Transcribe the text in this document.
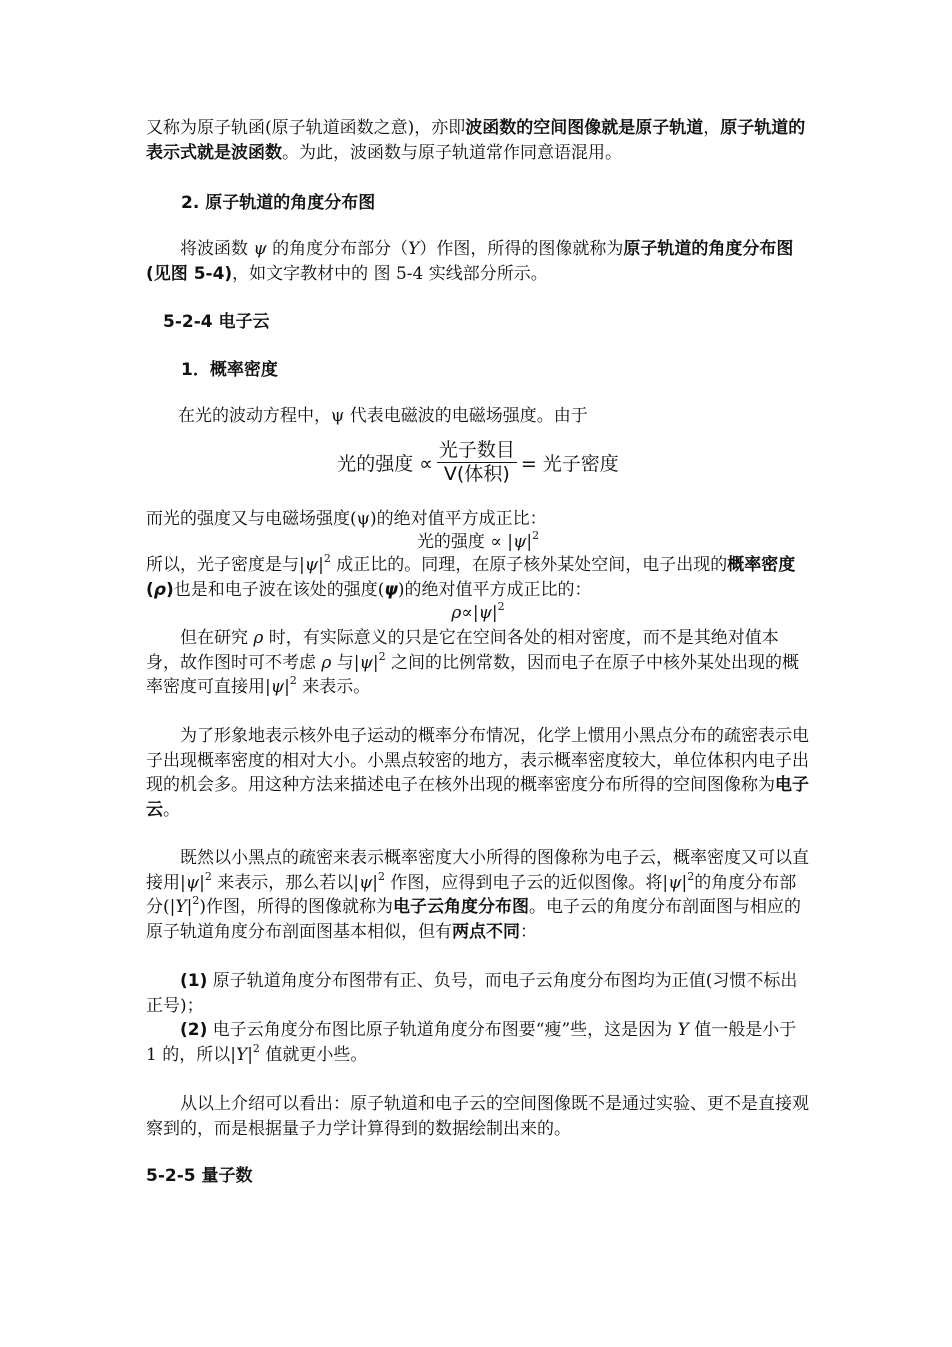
又称为原子轨函(原子轨道函数之意)，亦即波函数的空间图像就是原子轨道，原子轨道的表示式就是波函数。为此，波函数与原子轨道常作同意语混用。

2. 原子轨道的角度分布图

将波函数 ψ 的角度分布部分（Y）作图，所得的图像就称为原子轨道的角度分布图(见图 5-4)，如文字教材中的 图 5-4 实线部分所示。

5-2-4 电子云
1．概率密度

在光的波动方程中，ψ 代表电磁波的电磁场强度。由于

光的强度 ∝ $\frac{\text{光子数目}}{\text{V(体积)}}$ = 光子密度

而光的强度又与电磁场强度(ψ)的绝对值平方成正比：

光的强度 ∝ $|\psi|^2$

所以，光子密度是与$|\psi|^2$ 成正比的。同理，在原子核外某处空间，电子出现的概率密度(ρ)也是和电子波在该处的强度(ψ)的绝对值平方成正比的：

$\rho\propto|\psi|^2$

但在研究 ρ 时，有实际意义的只是它在空间各处的相对密度，而不是其绝对值本身，故作图时可不考虑 ρ 与$|\psi|^2$ 之间的比例常数，因而电子在原子中核外某处出现的概率密度可直接用$|\psi|^2$ 来表示。

为了形象地表示核外电子运动的概率分布情况，化学上惯用小黑点分布的疏密表示电子出现概率密度的相对大小。小黑点较密的地方，表示概率密度较大，单位体积内电子出现的机会多。用这种方法来描述电子在核外出现的概率密度分布所得的空间图像称为电子云。

既然以小黑点的疏密来表示概率密度大小所得的图像称为电子云，概率密度又可以直接用$|\psi|^2$ 来表示，那么若以$|\psi|^2$ 作图，应得到电子云的近似图像。将$|\psi|^2$的角度分布部分$(|Y|^2)$作图，所得的图像就称为电子云角度分布图。电子云的角度分布剖面图与相应的原子轨道角度分布剖面图基本相似，但有两点不同：

(1) 原子轨道角度分布图带有正、负号，而电子云角度分布图均为正值(习惯不标出正号)；

(2) 电子云角度分布图比原子轨道角度分布图要“瘦”些，这是因为 Y 值一般是小于 1 的，所以$|Y|^2$ 值就更小些。

从以上介绍可以看出：原子轨道和电子云的空间图像既不是通过实验、更不是直接观察到的，而是根据量子力学计算得到的数据绘制出来的。

5-2-5 量子数
